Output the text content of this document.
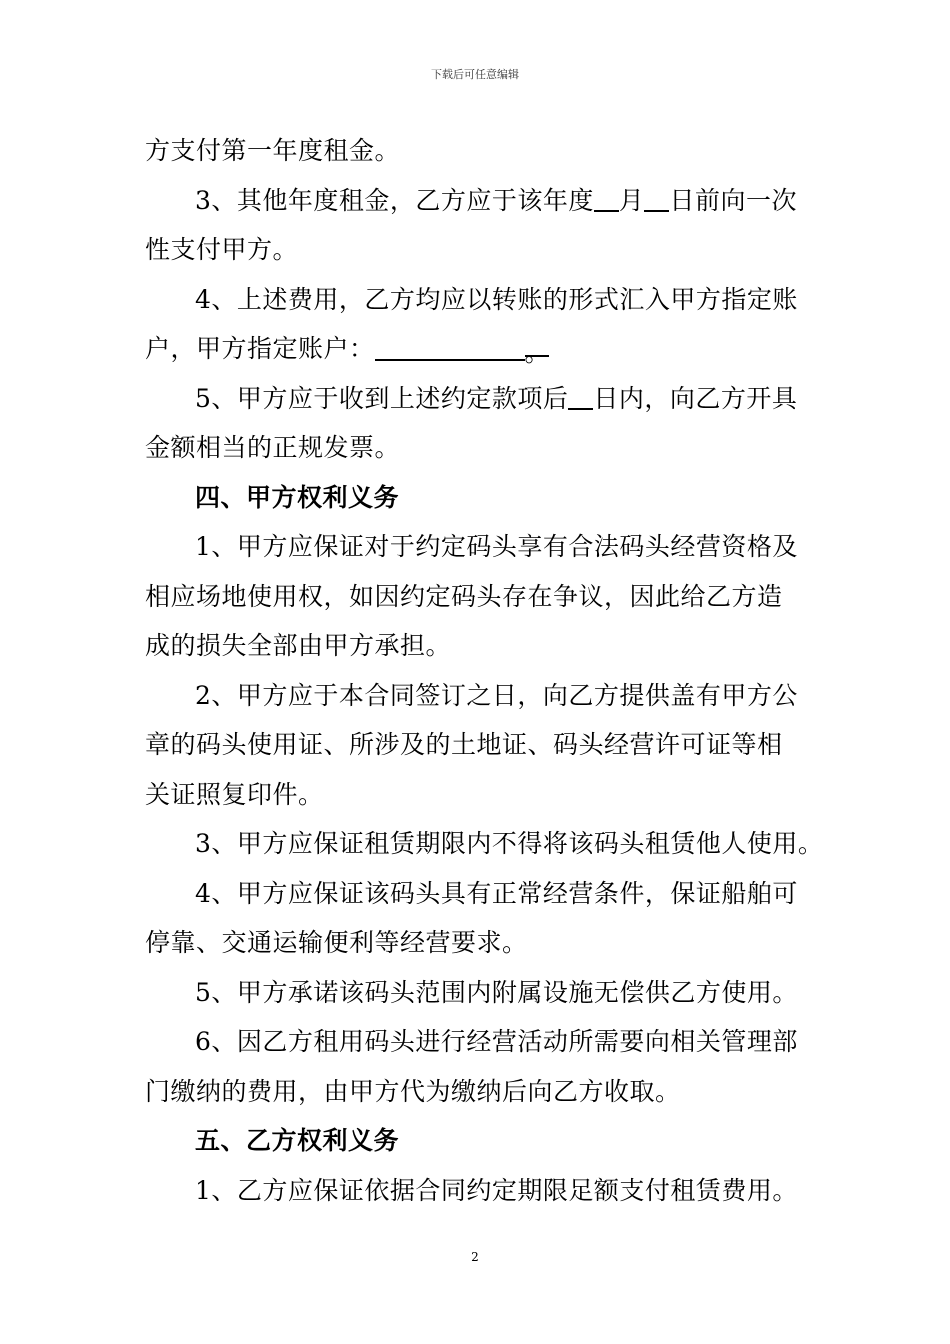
下载后可任意编辑
方支付第一年度租金。
3、其他年度租金，乙方应于该年度 月 日前向一次
性支付甲方。
4、上述费用，乙方均应以转账的形式汇入甲方指定账
户，甲方指定账户：	。
5、甲方应于收到上述约定款项后 日内，向乙方开具
金额相当的正规发票。
四、甲方权利义务
1、甲方应保证对于约定码头享有合法码头经营资格及
相应场地使用权，如因约定码头存在争议，因此给乙方造
成的损失全部由甲方承担。
2、甲方应于本合同签订之日，向乙方提供盖有甲方公
章的码头使用证、所涉及的土地证、码头经营许可证等相
关证照复印件。
3、甲方应保证租赁期限内不得将该码头租赁他人使用。
4、甲方应保证该码头具有正常经营条件，保证船舶可
停靠、交通运输便利等经营要求。
5、甲方承诺该码头范围内附属设施无偿供乙方使用。
6、因乙方租用码头进行经营活动所需要向相关管理部
门缴纳的费用，由甲方代为缴纳后向乙方收取。
五、乙方权利义务
1、乙方应保证依据合同约定期限足额支付租赁费用。
2
